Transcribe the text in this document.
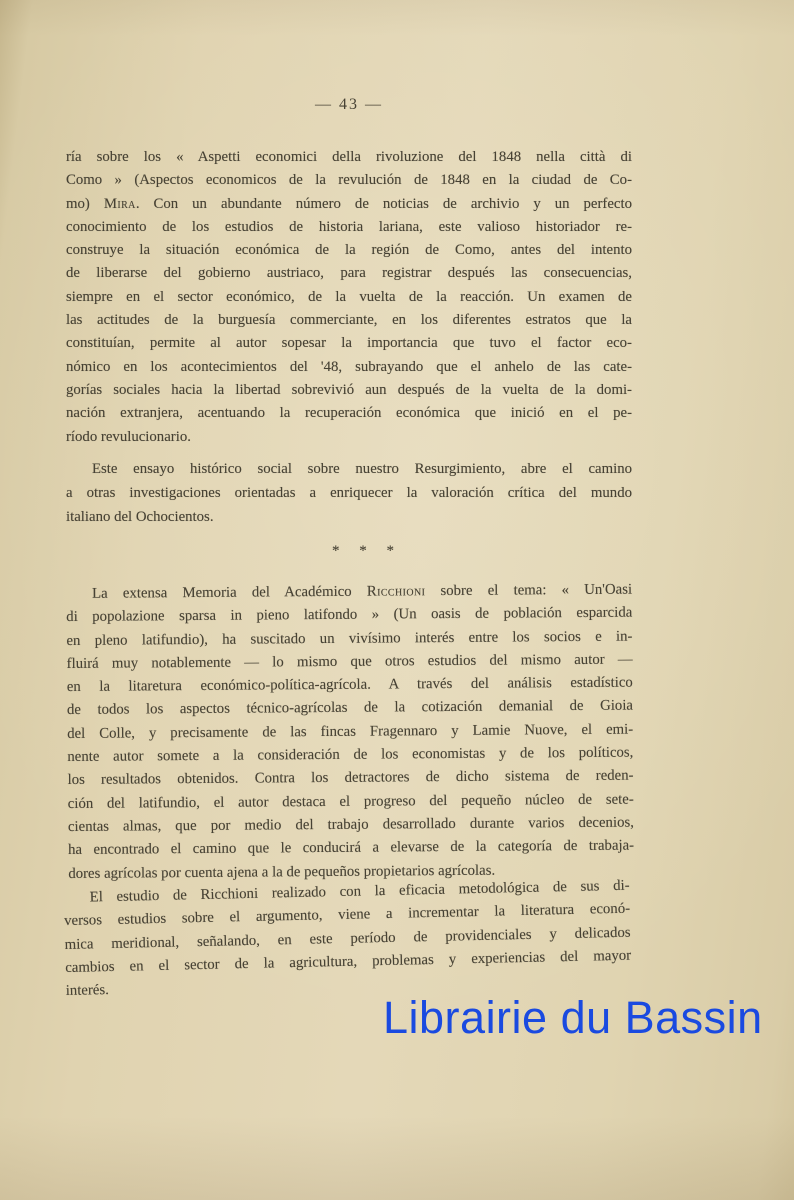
— 43 —
ría sobre los « Aspetti economici della rivoluzione del 1848 nella città di
Como » (Aspectos economicos de la revulución de 1848 en la ciudad de Co-
mo) Mira. Con un abundante número de noticias de archivio y un perfecto
conocimiento de los estudios de historia lariana, este valioso historiador re-
construye la situación económica de la región de Como, antes del intento
de liberarse del gobierno austriaco, para registrar después las consecuencias,
siempre en el sector económico, de la vuelta de la reacción. Un examen de
las actitudes de la burguesía commerciante, en los diferentes estratos que la
constituían, permite al autor sopesar la importancia que tuvo el factor eco-
nómico en los acontecimientos del '48, subrayando que el anhelo de las cate-
gorías sociales hacia la libertad sobrevivió aun después de la vuelta de la domi-
nación extranjera, acentuando la recuperación económica que inició en el pe-
ríodo revulucionario.
Este ensayo histórico social sobre nuestro Resurgimiento, abre el camino
a otras investigaciones orientadas a enriquecer la valoración crítica del mundo
italiano del Ochocientos.
* * *
La extensa Memoria del Académico Ricchioni sobre el tema: « Un'Oasi
di popolazione sparsa in pieno latifondo » (Un oasis de población esparcida
en pleno latifundio), ha suscitado un vivísimo interés entre los socios e in-
fluirá muy notablemente — lo mismo que otros estudios del mismo autor —
en la litaretura económico-política-agrícola. A través del análisis estadístico
de todos los aspectos técnico-agrícolas de la cotización demanial de Gioia
del Colle, y precisamente de las fincas Fragennaro y Lamie Nuove, el emi-
nente autor somete a la consideración de los economistas y de los políticos,
los resultados obtenidos. Contra los detractores de dicho sistema de reden-
ción del latifundio, el autor destaca el progreso del pequeño núcleo de sete-
cientas almas, que por medio del trabajo desarrollado durante varios decenios,
ha encontrado el camino que le conducirá a elevarse de la categoría de trabaja-
dores agrícolas por cuenta ajena a la de pequeños propietarios agrícolas.
El estudio de Ricchioni realizado con la eficacia metodológica de sus di-
versos estudios sobre el argumento, viene a incrementar la literatura econó-
mica meridional, señalando, en este período de providenciales y delicados
cambios en el sector de la agricultura, problemas y experiencias del mayor
interés.
Librairie du Bassin
